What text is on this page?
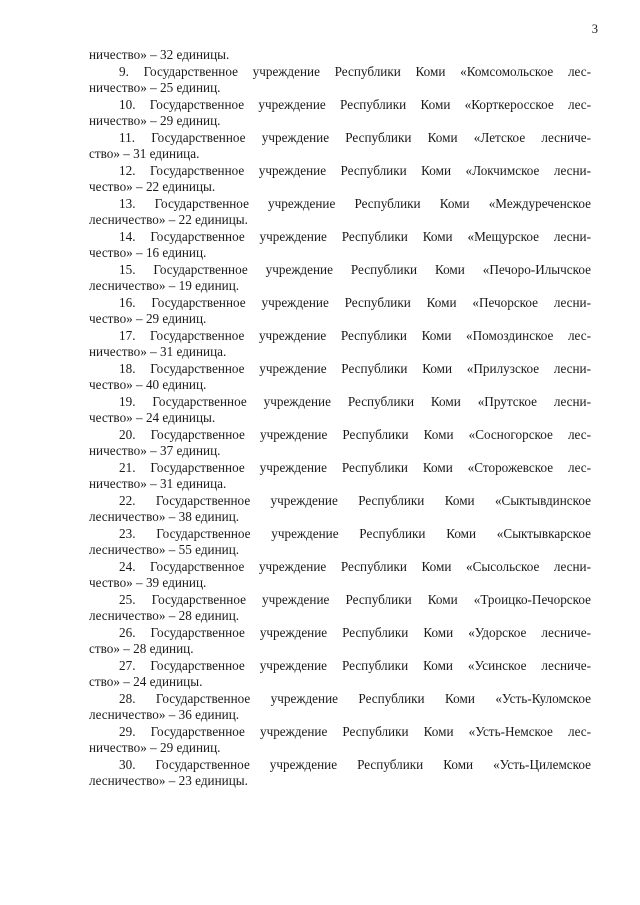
3
ничество» – 32 единицы.
9. Государственное учреждение Республики Коми «Комсомольское лес-
ничество» – 25 единиц.
10. Государственное учреждение Республики Коми «Корткеросское лес-
ничество» – 29 единиц.
11. Государственное учреждение Республики Коми «Летское лесниче-
ство» – 31 единица.
12. Государственное учреждение Республики Коми «Локчимское лесни-
чество» – 22 единицы.
13. Государственное учреждение Республики Коми «Междуреченское
лесничество» – 22 единицы.
14. Государственное учреждение Республики Коми «Мещурское лесни-
чество» – 16 единиц.
15. Государственное учреждение Республики Коми «Печоро-Илычское
лесничество» – 19 единиц.
16. Государственное учреждение Республики Коми «Печорское лесни-
чество» – 29 единиц.
17. Государственное учреждение Республики Коми «Помоздинское лес-
ничество» – 31 единица.
18. Государственное учреждение Республики Коми «Прилузское лесни-
чество» – 40 единиц.
19. Государственное учреждение Республики Коми «Прутское лесни-
чество» – 24 единицы.
20. Государственное учреждение Республики Коми «Сосногорское лес-
ничество» – 37 единиц.
21. Государственное учреждение Республики Коми «Сторожевское лес-
ничество» – 31 единица.
22. Государственное учреждение Республики Коми «Сыктывдинское
лесничество» – 38 единиц.
23. Государственное учреждение Республики Коми «Сыктывкарское
лесничество» – 55 единиц.
24. Государственное учреждение Республики Коми «Сысольское лесни-
чество» – 39 единиц.
25. Государственное учреждение Республики Коми «Троицко-Печорское
лесничество» – 28 единиц.
26. Государственное учреждение Республики Коми «Удорское лесниче-
ство» – 28 единиц.
27. Государственное учреждение Республики Коми «Усинское лесниче-
ство» – 24 единицы.
28. Государственное учреждение Республики Коми «Усть-Куломское
лесничество» – 36 единиц.
29. Государственное учреждение Республики Коми «Усть-Немское лес-
ничество» – 29 единиц.
30. Государственное учреждение Республики Коми «Усть-Цилемское
лесничество» – 23 единицы.
